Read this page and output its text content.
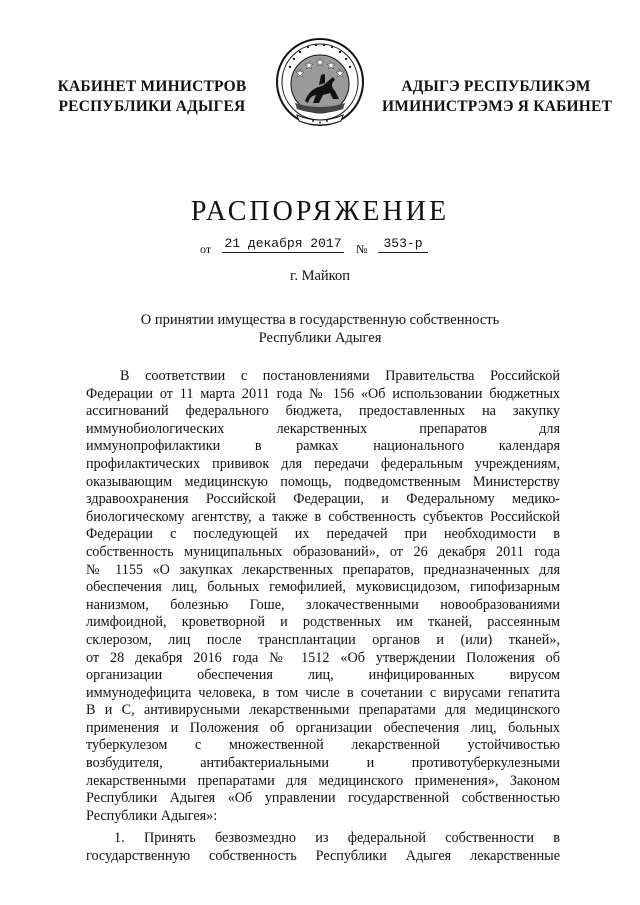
КАБИНЕТ МИНИСТРОВ
РЕСПУБЛИКИ АДЫГЕЯ
АДЫГЭ РЕСПУБЛИКЭМ
ИМИНИСТРЭМЭ Я КАБИНЕТ
РАСПОРЯЖЕНИЕ
от 21 декабря 2017 №	353-р
г. Майкоп
О принятии имущества в государственную собственность
Республики Адыгея
В соответствии с постановлениями Правительства Российской
Федерации от 11 марта 2011 года № 156 «Об использовании бюджетных
ассигнований федерального бюджета, предоставленных на закупку
иммунобиологических лекарственных препаратов для
иммунопрофилактики в рамках национального календаря
профилактических прививок для передачи федеральным учреждениям,
оказывающим медицинскую помощь, подведомственным Министерству
здравоохранения Российской Федерации, и Федеральному медико-
биологическому агентству, а также в собственность субъектов Российской
Федерации с последующей их передачей при необходимости в
собственность муниципальных образований», от 26 декабря 2011 года
№ 1155 «О закупках лекарственных препаратов, предназначенных для
обеспечения лиц, больных гемофилией, муковисцидозом, гипофизарным
нанизмом, болезнью Гоше, злокачественными новообразованиями
лимфоидной, кроветворной и родственных им тканей, рассеянным
склерозом, лиц после трансплантации органов и (или) тканей»,
от 28 декабря 2016 года № 1512 «Об утверждении Положения об
организации обеспечения лиц, инфицированных вирусом
иммунодефицита человека, в том числе в сочетании с вирусами гепатита
В и С, антивирусными лекарственными препаратами для медицинского
применения и Положения об организации обеспечения лиц, больных
туберкулезом с множественной лекарственной устойчивостью
возбудителя, антибактериальными и противотуберкулезными
лекарственными препаратами для медицинского применения», Законом
Республики Адыгея «Об управлении государственной собственностью
Республики Адыгея»:
1. Принять безвозмездно из федеральной собственности в
государственную собственность Республики Адыгея лекарственные
